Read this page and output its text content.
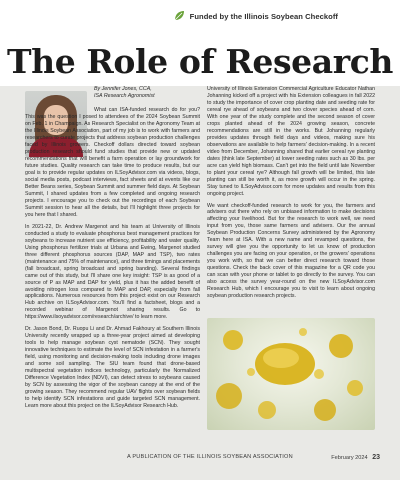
Funded by the Illinois Soybean Checkoff
The Role of Research
By Jennifer Jones, CCA,
ISA Research Agronomist

What can ISA-funded research do for you? This was the question I posed to attendees of the 2024 Soybean Summit on Feb. 1 in Champaign. As Research Specialist on the Agronomy Team at the Illinois Soybean Association, part of my job is to work with farmers and researchers to curate projects that address soybean production challenges faced by Illinois growers. Checkoff dollars directed toward soybean production research should fund studies that provide new or updated recommendations that will benefit a farm operation or lay groundwork for future studies. Quality research can take time to produce results, but our goal is to provide regular updates on ILSoyAdvisor.com via videos, blogs, social media posts, podcast interviews, fact sheets and at events like our Better Beans series, Soybean Summit and summer field days. At Soybean Summit, I shared updates from a few completed and ongoing research projects. I encourage you to check out the recordings of each Soybean Summit session to hear all the details, but I'll highlight three projects for you here that I shared.

In 2021-22, Dr. Andrew Margenot and his team at University of Illinois conducted a study to evaluate phosphorus best management practices for soybeans to increase nutrient use efficiency, profitability and water quality. Using phosphorus fertilizer trials at Urbana and Ewing, Margenot studied three different phosphorus sources (DAP, MAP and TSP), two rates (maintenance and 75% of maintenance), and three timings and placements (fall broadcast, spring broadcast and spring banding). Several findings came out of this study, but I'll share one key insight: TSP is as good of a source of P as MAP and DAP for yield, plus it has the added benefit of avoiding nitrogen loss compared to MAP and DAP, especially from fall applications. Numerous resources from this project exist on our Research Hub archive on ILSoyAdvisor.com. You'll find a factsheet, blogs and a recorded webinar of Margenot sharing results. Go to https://www.ilsoyadvisor.com/research/archive/ to learn more.

Dr. Jason Bond, Dr. Ruopu Li and Dr. Ahmad Fakhoury at Southern Illinois University recently wrapped up a three-year project aimed at developing tools to help manage soybean cyst nematode (SCN). They sought innovative techniques to estimate the level of SCN infestation in a farmer's field, using monitoring and decision-making tools including drone images and some soil sampling. The SIU team found that drone-based multispectral vegetation indices technology, particularly the Normalized Difference Vegetation Index (NDVI), can detect stress to soybeans caused by SCN by assessing the vigor of the soybean canopy at the end of the growing season. They recommend regular UAV flights over soybean fields to help identify SCN infestations and guide targeted SCN management. Learn more about this project on the ILSoyAdvisor Research Hub.

University of Illinois Extension Commercial Agriculture Educator Nathan Johanning kicked off a project with his Extension colleagues in fall 2022 to study the importance of cover crop planting date and seeding rate for cereal rye ahead of soybeans and two clover species ahead of corn. With one year of the study complete and the second season of cover crops planted ahead of the 2024 growing season, concrete recommendations are still in the works. But Johanning regularly provides updates through field days and videos, making sure his observations are available to help farmers' decision-making. In a recent video from December, Johanning shared that earlier cereal rye planting dates (think late September) at lower seeding rates such as 30 lbs. per acre can yield high biomass. Can't get into the field until late November to plant your cereal rye? Although fall growth will be limited, this late planting can still be worth it, as more growth will occur in the spring. Stay tuned to ILSoyAdvisor.com for more updates and results from this ongoing project.

We want checkoff-funded research to work for you, the farmers and advisers out there who rely on unbiased information to make decisions affecting your livelihood. But for the research to work well, we need input from you, those same farmers and advisers. Our the annual Soybean Production Concerns Survey administered by the Agronomy Team here at ISA. With a new name and revamped questions, the survey will give you the opportunity to let us know of production challenges you are facing on your operation, or the growers' operations you work with, so that we can better direct research toward those questions. Check the back cover of this magazine for a QR code you can scan with your phone or tablet to go directly to the survey. You can also access the survey year-round on the new ILSoyAdvisor.com Research Hub, which I encourage you to visit to learn about ongoing soybean production research projects.

A PUBLICATION OF THE ILLINOIS SOYBEAN ASSOCIATION	February 2024 23
